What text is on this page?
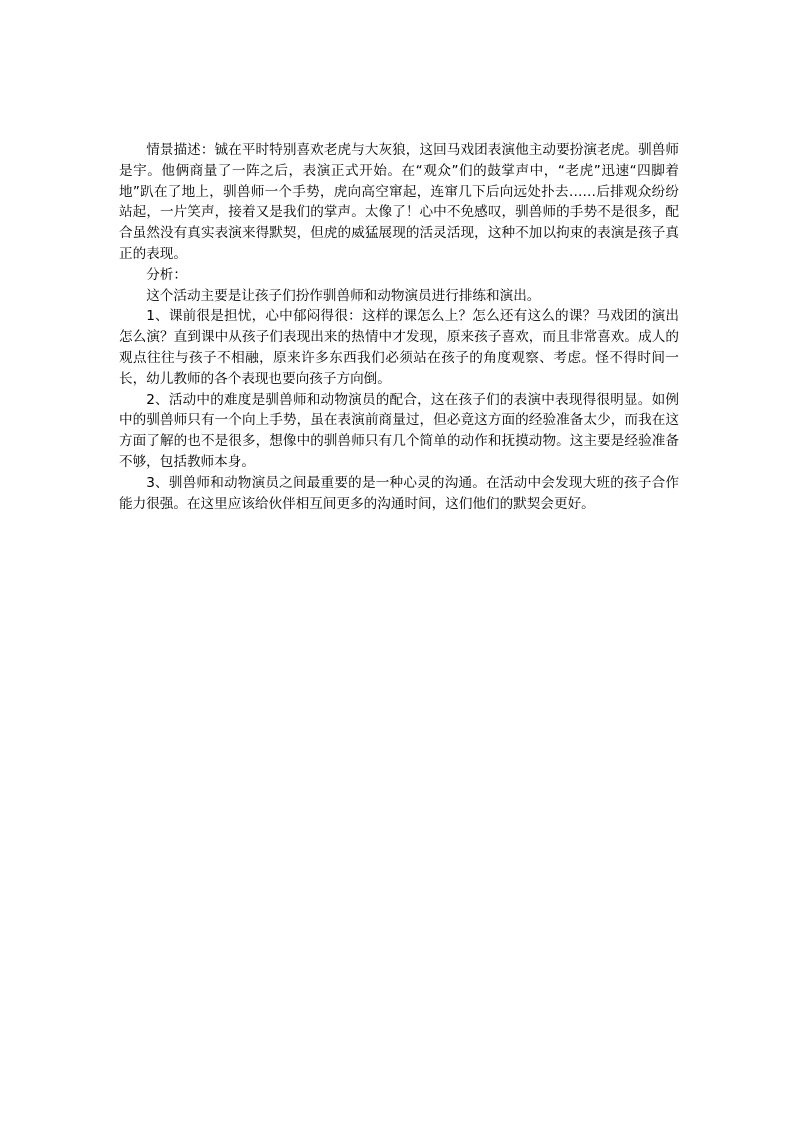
情景描述：铖在平时特别喜欢老虎与大灰狼，这回马戏团表演他主动要扮演老虎。驯兽师是宇。他俩商量了一阵之后，表演正式开始。在“观众”们的鼓掌声中，“老虎”迅速“四脚着地”趴在了地上，驯兽师一个手势，虎向高空窜起，连窜几下后向远处扑去……后排观众纷纷站起，一片笑声，接着又是我们的掌声。太像了！心中不免感叹，驯兽师的手势不是很多，配合虽然没有真实表演来得默契，但虎的威猛展现的活灵活现，这种不加以拘束的表演是孩子真正的表现。

分析：

这个活动主要是让孩子们扮作驯兽师和动物演员进行排练和演出。

1、课前很是担忧，心中郁闷得很：这样的课怎么上？怎么还有这么的课？马戏团的演出怎么演？直到课中从孩子们表现出来的热情中才发现，原来孩子喜欢，而且非常喜欢。成人的观点往往与孩子不相融，原来许多东西我们必须站在孩子的角度观察、考虑。怪不得时间一长，幼儿教师的各个表现也要向孩子方向倒。

2、活动中的难度是驯兽师和动物演员的配合，这在孩子们的表演中表现得很明显。如例中的驯兽师只有一个向上手势，虽在表演前商量过，但必竟这方面的经验准备太少，而我在这方面了解的也不是很多，想像中的驯兽师只有几个简单的动作和抚摸动物。这主要是经验准备不够，包括教师本身。

3、驯兽师和动物演员之间最重要的是一种心灵的沟通。在活动中会发现大班的孩子合作能力很强。在这里应该给伙伴相互间更多的沟通时间，这们他们的默契会更好。
